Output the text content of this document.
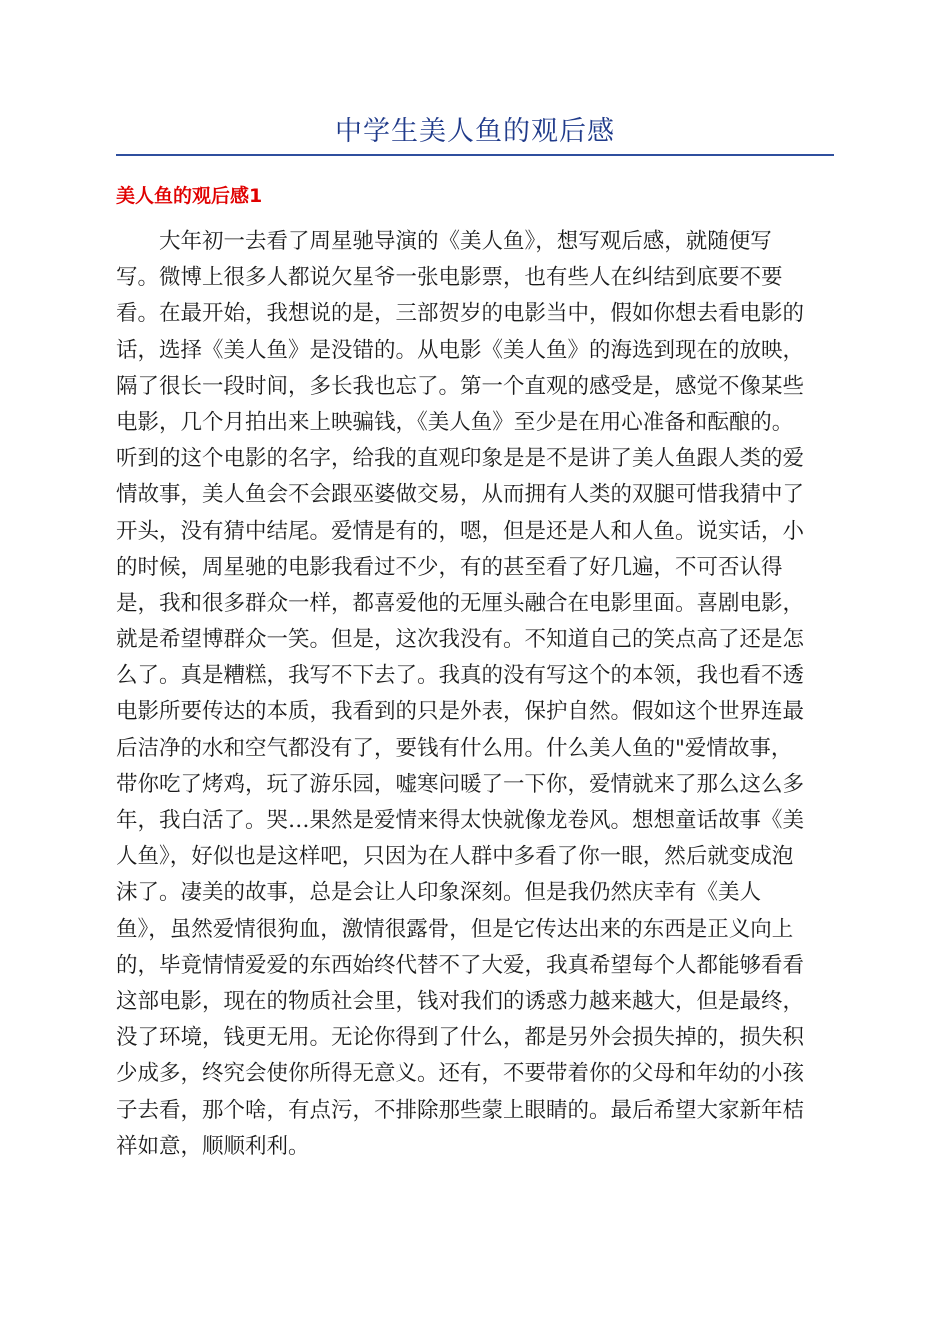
中学生美人鱼的观后感
美人鱼的观后感1
大年初一去看了周星驰导演的《美人鱼》，想写观后感，就随便写
写。微博上很多人都说欠星爷一张电影票，也有些人在纠结到底要不要
看。在最开始，我想说的是，三部贺岁的电影当中，假如你想去看电影的
话，选择《美人鱼》是没错的。从电影《美人鱼》的海选到现在的放映，
隔了很长一段时间，多长我也忘了。第一个直观的感受是，感觉不像某些
电影，几个月拍出来上映骗钱，《美人鱼》至少是在用心准备和酝酿的。
听到的这个电影的名字，给我的直观印象是是不是讲了美人鱼跟人类的爱
情故事，美人鱼会不会跟巫婆做交易，从而拥有人类的双腿可惜我猜中了
开头，没有猜中结尾。爱情是有的，嗯，但是还是人和人鱼。说实话，小
的时候，周星驰的电影我看过不少，有的甚至看了好几遍，不可否认得
是，我和很多群众一样，都喜爱他的无厘头融合在电影里面。喜剧电影，
就是希望博群众一笑。但是，这次我没有。不知道自己的笑点高了还是怎
么了。真是糟糕，我写不下去了。我真的没有写这个的本领，我也看不透
电影所要传达的本质，我看到的只是外表，保护自然。假如这个世界连最
后洁净的水和空气都没有了，要钱有什么用。什么美人鱼的"爱情故事，
带你吃了烤鸡，玩了游乐园，嘘寒问暖了一下你，爱情就来了那么这么多
年，我白活了。哭…果然是爱情来得太快就像龙卷风。想想童话故事《美
人鱼》，好似也是这样吧，只因为在人群中多看了你一眼，然后就变成泡
沫了。凄美的故事，总是会让人印象深刻。但是我仍然庆幸有《美人
鱼》，虽然爱情很狗血，激情很露骨，但是它传达出来的东西是正义向上
的，毕竟情情爱爱的东西始终代替不了大爱，我真希望每个人都能够看看
这部电影，现在的物质社会里，钱对我们的诱惑力越来越大，但是最终，
没了环境，钱更无用。无论你得到了什么，都是另外会损失掉的，损失积
少成多，终究会使你所得无意义。还有，不要带着你的父母和年幼的小孩
子去看，那个啥，有点污，不排除那些蒙上眼睛的。最后希望大家新年桔
祥如意，顺顺利利。
